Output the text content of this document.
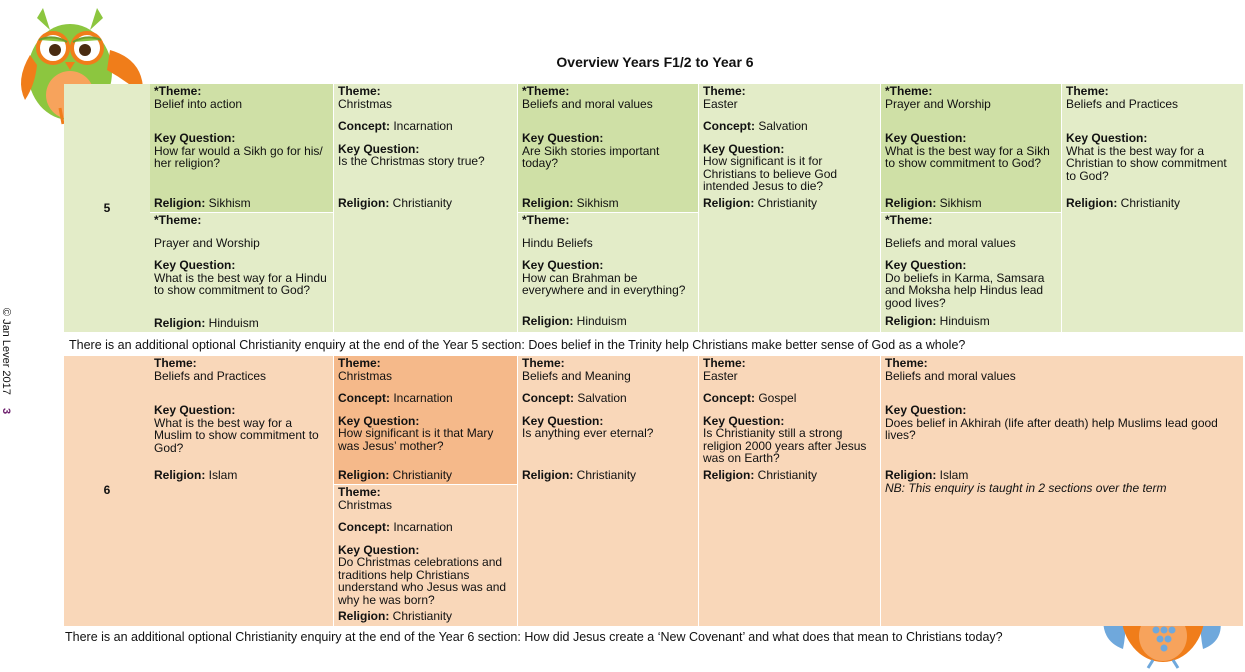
Overview Years F1/2 to Year 6
© Jan Lever 2017 3
5

*Theme:

Belief into action

Key Question:

How far would a Sikh go for his/ her religion?

Religion: Sikhism

*Theme:

Prayer and Worship

Key Question:

What is the best way for a Hindu to show commitment to God?

Religion: Hinduism

Theme:

Christmas

Concept: Incarnation

Key Question:

Is the Christmas story true?

Religion: Christianity

*Theme:

Beliefs and moral values

Key Question:

Are Sikh stories important today?

Religion: Sikhism

*Theme:

Hindu Beliefs

Key Question:

How can Brahman be everywhere and in everything?

Religion: Hinduism

Theme:

Easter

Concept: Salvation

Key Question:

How significant is it for Christians to believe God intended Jesus to die?

Religion: Christianity

*Theme:

Prayer and Worship

Key Question:

What is the best way for a Sikh to show commitment to God?

Religion: Sikhism

*Theme:

Beliefs and moral values

Key Question:

Do beliefs in Karma, Samsara and Moksha help Hindus lead good lives?

Religion: Hinduism

Theme:

Beliefs and Practices

Key Question:

What is the best way for a Christian to show commitment to God?

Religion: Christianity

There is an additional optional Christianity enquiry at the end of the Year 5 section: Does belief in the Trinity help Christians make better sense of God as a whole?
6

Theme:

Beliefs and Practices

Key Question:

What is the best way for a Muslim to show commitment to God?

Religion: Islam

Theme:

Christmas

Concept: Incarnation

Key Question:

How significant is it that Mary was Jesus’ mother?

Religion: Christianity

Theme:

Christmas

Concept: Incarnation

Key Question:

Do Christmas celebrations and traditions help Christians understand who Jesus was and why he was born?

Religion: Christianity

Theme:

Beliefs and Meaning

Concept: Salvation

Key Question:

Is anything ever eternal?

Religion: Christianity

Theme:

Easter

Concept: Gospel

Key Question:

Is Christianity still a strong religion 2000 years after Jesus was on Earth?

Religion: Christianity

Theme:

Beliefs and moral values

Key Question:

Does belief in Akhirah (life after death) help Muslims lead good lives?

Religion: Islam

NB: This enquiry is taught in 2 sections over the term

There is an additional optional Christianity enquiry at the end of the Year 6 section: How did Jesus create a ‘New Covenant’ and what does that mean to Christians today?
